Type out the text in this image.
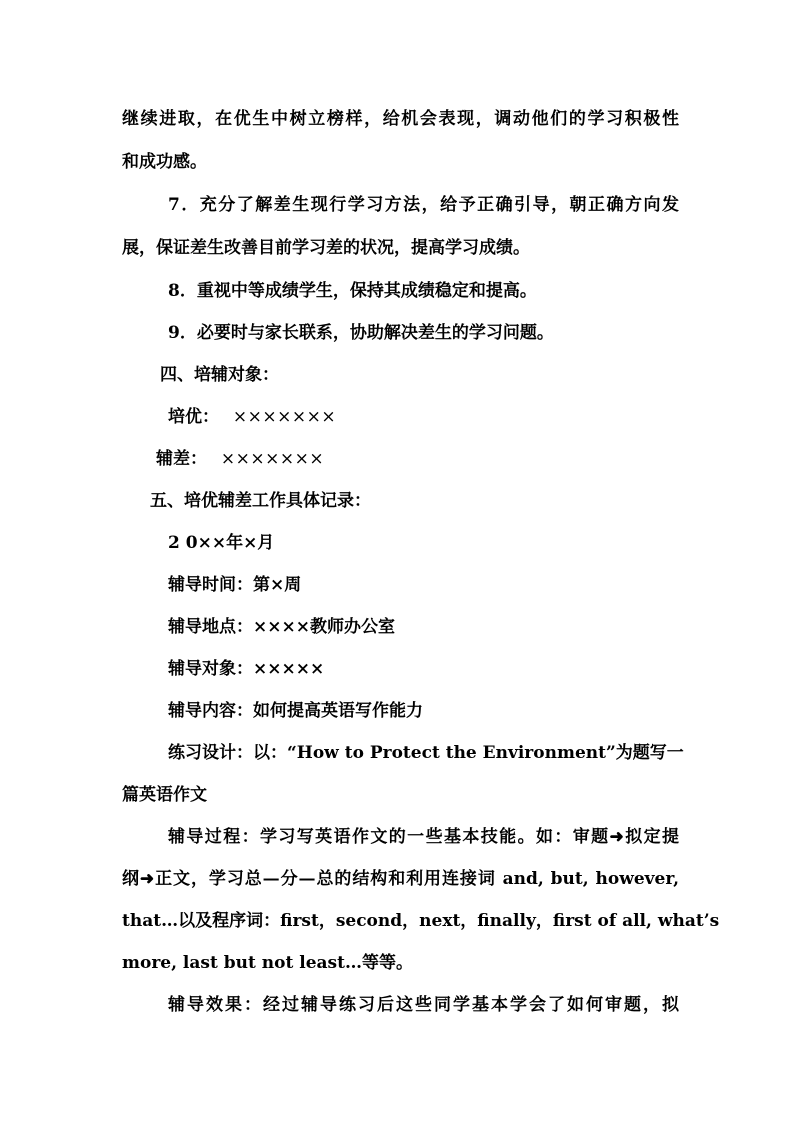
继续进取，在优生中树立榜样，给机会表现，调动他们的学习积极性
和成功感。
7．充分了解差生现行学习方法，给予正确引导，朝正确方向发
展，保证差生改善目前学习差的状况，提高学习成绩。
8．重视中等成绩学生，保持其成绩稳定和提高。
9．必要时与家长联系，协助解决差生的学习问题。
四、培辅对象：
培优： ×××××××
辅差： ×××××××
五、培优辅差工作具体记录：
2 0××年×月
辅导时间：第×周
辅导地点：××××教师办公室
辅导对象：×××××
辅导内容：如何提高英语写作能力
练习设计：以：“How to Protect the Environment”为题写一
篇英语作文
辅导过程：学习写英语作文的一些基本技能。如：审题➜拟定提
纲➜正文，学习总—分—总的结构和利用连接词 and, but, however,
that…以及程序词：first，second，next，finally，first of all, what’s
more, last but not least…等等。
辅导效果：经过辅导练习后这些同学基本学会了如何审题，拟
